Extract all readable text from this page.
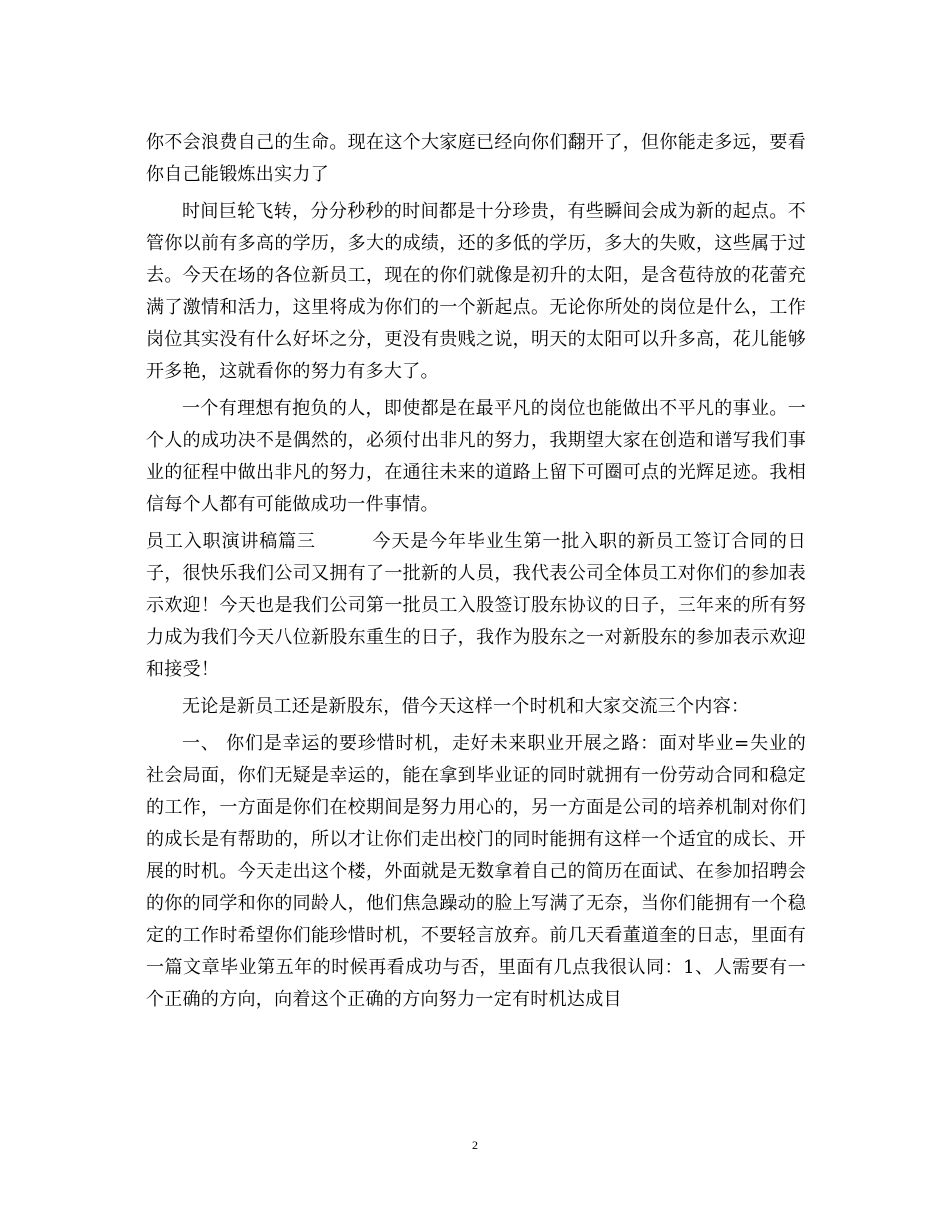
你不会浪费自己的生命。现在这个大家庭已经向你们翻开了，但你能走多远，要看你自己能锻炼出实力了

时间巨轮飞转，分分秒秒的时间都是十分珍贵，有些瞬间会成为新的起点。不管你以前有多高的学历，多大的成绩，还的多低的学历，多大的失败，这些属于过去。今天在场的各位新员工，现在的你们就像是初升的太阳，是含苞待放的花蕾充满了激情和活力，这里将成为你们的一个新起点。无论你所处的岗位是什么，工作岗位其实没有什么好坏之分，更没有贵贱之说，明天的太阳可以升多高，花儿能够开多艳，这就看你的努力有多大了。

一个有理想有抱负的人，即使都是在最平凡的岗位也能做出不平凡的事业。一个人的成功决不是偶然的，必须付出非凡的努力，我期望大家在创造和谱写我们事业的征程中做出非凡的努力，在通往未来的道路上留下可圈可点的光辉足迹。我相信每个人都有可能做成功一件事情。

员工入职演讲稿篇三　　　今天是今年毕业生第一批入职的新员工签订合同的日子，很快乐我们公司又拥有了一批新的人员，我代表公司全体员工对你们的参加表示欢迎！今天也是我们公司第一批员工入股签订股东协议的日子，三年来的所有努力成为我们今天八位新股东重生的日子，我作为股东之一对新股东的参加表示欢迎和接受！

无论是新员工还是新股东，借今天这样一个时机和大家交流三个内容：

一、 你们是幸运的要珍惜时机，走好未来职业开展之路：面对毕业=失业的社会局面，你们无疑是幸运的，能在拿到毕业证的同时就拥有一份劳动合同和稳定的工作，一方面是你们在校期间是努力用心的，另一方面是公司的培养机制对你们的成长是有帮助的，所以才让你们走出校门的同时能拥有这样一个适宜的成长、开展的时机。今天走出这个楼，外面就是无数拿着自己的简历在面试、在参加招聘会的你的同学和你的同龄人，他们焦急躁动的脸上写满了无奈，当你们能拥有一个稳定的工作时希望你们能珍惜时机，不要轻言放弃。前几天看董道奎的日志，里面有一篇文章毕业第五年的时候再看成功与否，里面有几点我很认同：1、人需要有一个正确的方向，向着这个正确的方向努力一定有时机达成目

2
